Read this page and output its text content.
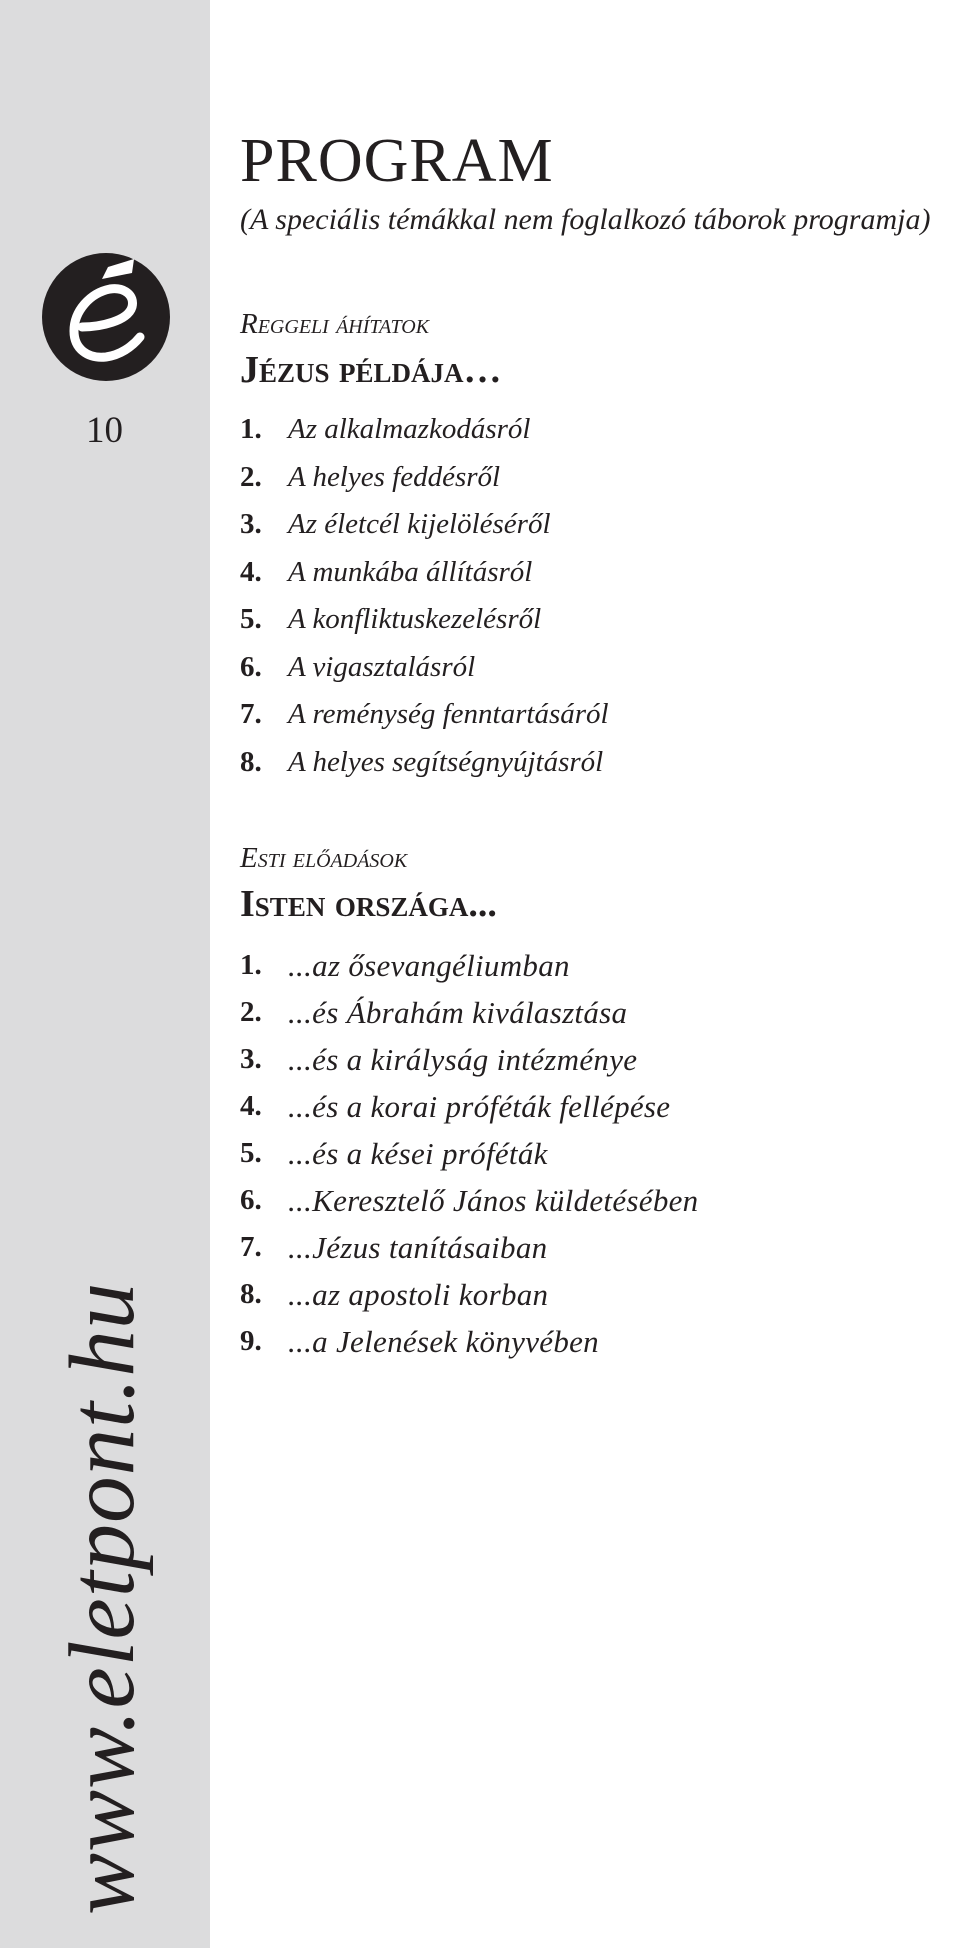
10
www.eletpont.hu
PROGRAM
(A speciális témákkal nem foglalkozó táborok programja)
Reggeli áhítatok
Jézus példája…
1. Az alkalmazkodásról
2. A helyes feddésről
3. Az életcél kijelöléséről
4. A munkába állításról
5. A konfliktuskezelésről
6. A vigasztalásról
7. A reménység fenntartásáról
8. A helyes segítségnyújtásról
Esti előadások
Isten országa...
1. ...az ősevangéliumban
2. ...és Ábrahám kiválasztása
3. ...és a királyság intézménye
4. ...és a korai próféták fellépése
5. ...és a kései próféták
6. ...Keresztelő János küldetésében
7. ...Jézus tanításaiban
8. ...az apostoli korban
9. ...a Jelenések könyvében
